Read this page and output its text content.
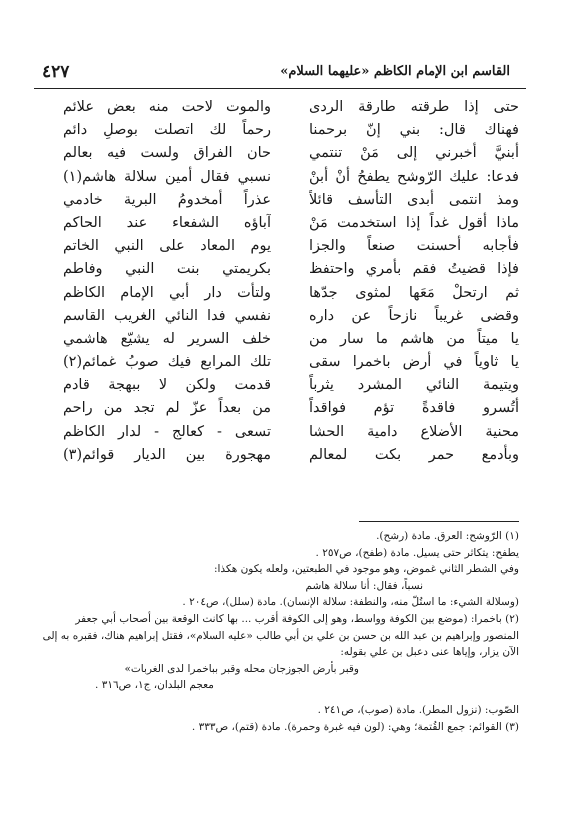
٤٢٧	القاسم ابن الإمام الكاظم «عليهما السلام»
حتى إذا طرقته طارقة الردى
فهناك قال: بني إنّ برحمنا
أبنيَّ أخبرني إلى مَنْ تنتمي
فدعا: عليك الرّوشح يطفحُ أنْ أبنْ
ومذ انتمى أبدى التأسف قائلاً
ماذا أقول غداً إذا استخدمت مَنْ
فأجابه أحسنت صنعاً والجزا
فإذا قضيتُ فقم بأمري واحتفظ
ثم ارتحلْ مَعَها لمثوى جدّها
وقضى غريباً نازحاً عن داره
يا ميتاً من هاشم ما سار من
يا ثاوياً في أرض باخمرا سقى
ويتيمة النائي المشرد يثرباً
أتُسرو فاقدةً تؤم فواقداً
محنية الأضلاع دامية الحشا
وبأدمع حمر بكت لمعالم
والموت لاحت منه بعض علائم
رحماً لك اتصلت بوصلِ دائم
حان الفراق ولست فيه بعالم
نسبي فقال أمين سلالة هاشم(١)
عذراً أمخدومُ البرية خادمي
آباؤه الشفعاء عند الحاكم
يوم المعاد على النبي الخاتم
بكريمتي بنت النبي وفاطم
ولتأت دار أبي الإمام الكاظم
نفسي فدا النائي الغريب القاسم
خلف السرير له يشيّع هاشمي
تلك المرابع فيك صوبُ غمائم(٢)
قدمت ولكن لا ببهجة قادم
من بعداً عزّ لم تجد من راحم
تسعى - كعالج - لدار الكاظم
مهجورة بين الديار قوائم(٣)
(١) الرّوشح: العرق. مادة (رشح).
يطفح: يتكاثر حتى يسيل. مادة (طفح)، ص٢٥٧ .
وفي الشطر الثاني غموض، وهو موجود في الطبعتين، ولعله يكون هكذا:
نسباً، فقال: أنا سلالة هاشم
(وسلالة الشيء: ما استُلّ منه، والنطفة: سلالة الإنسان). مادة (سلل)، ص٢٠٤ .
(٢) باخمرا: (موضع بين الكوفة وواسط، وهو إلى الكوفة أقرب ... بها كانت الوقعة بين أصحاب أبي جعفر
المنصور وإبراهيم بن عبد الله بن حسن بن علي بن أبي طالب «عليه السلام»، فقتل إبراهيم هناك، فقبره به إلى
الآن يزار، وإياها عنى دعبل بن علي بقوله:
وقبر بأرض الجوزجان محله وقبر بباخمرا لدى الغربات»
معجم البلدان، ج١، ص٣١٦ .
الصّوب: (نزول المطر). مادة (صوب)، ص٢٤١ .
(٣) القوائم: جمع القُتمة؛ وهي: (لون فيه غبرة وحمرة). مادة (قتم)، ص٣٣٣ .
